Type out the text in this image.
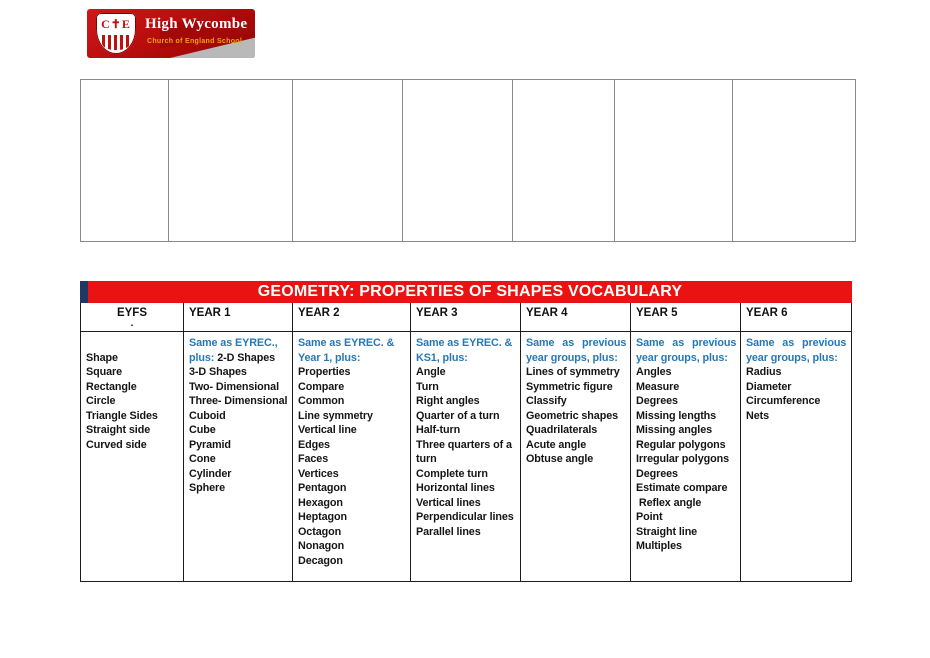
C✝E High Wycombe
Church of England School
GEOMETRY: PROPERTIES OF SHAPES VOCABULARY
EYFS
.
Shape
Square
Rectangle
Circle
Triangle Sides
Straight side
Curved side
YEAR 1
Same as EYREC.,
plus: 2-D Shapes
3-D Shapes
Two- Dimensional
Three- Dimensional
Cuboid
Cube
Pyramid
Cone
Cylinder
Sphere
YEAR 2
Same as EYREC. &
Year 1, plus:
Properties
Compare
Common
Line symmetry
Vertical line
Edges
Faces
Vertices
Pentagon
Hexagon
Heptagon
Octagon
Nonagon
Decagon
YEAR 3
Same as EYREC. &
KS1, plus:
Angle
Turn
Right angles
Quarter of a turn
Half-turn
Three quarters of a turn
Complete turn
Horizontal lines
Vertical lines
Perpendicular lines
Parallel lines
YEAR 4
Same as previous
year groups, plus:
Lines of symmetry
Symmetric figure
Classify
Geometric shapes
Quadrilaterals
Acute angle
Obtuse angle
YEAR 5
Same as previous
year groups, plus:
Angles
Measure
Degrees
Missing lengths
Missing angles
Regular polygons
Irregular polygons
Degrees
Estimate compare
Reflex angle
Point
Straight line
Multiples
YEAR 6
Same as previous
year groups, plus:
Radius
Diameter
Circumference
Nets
